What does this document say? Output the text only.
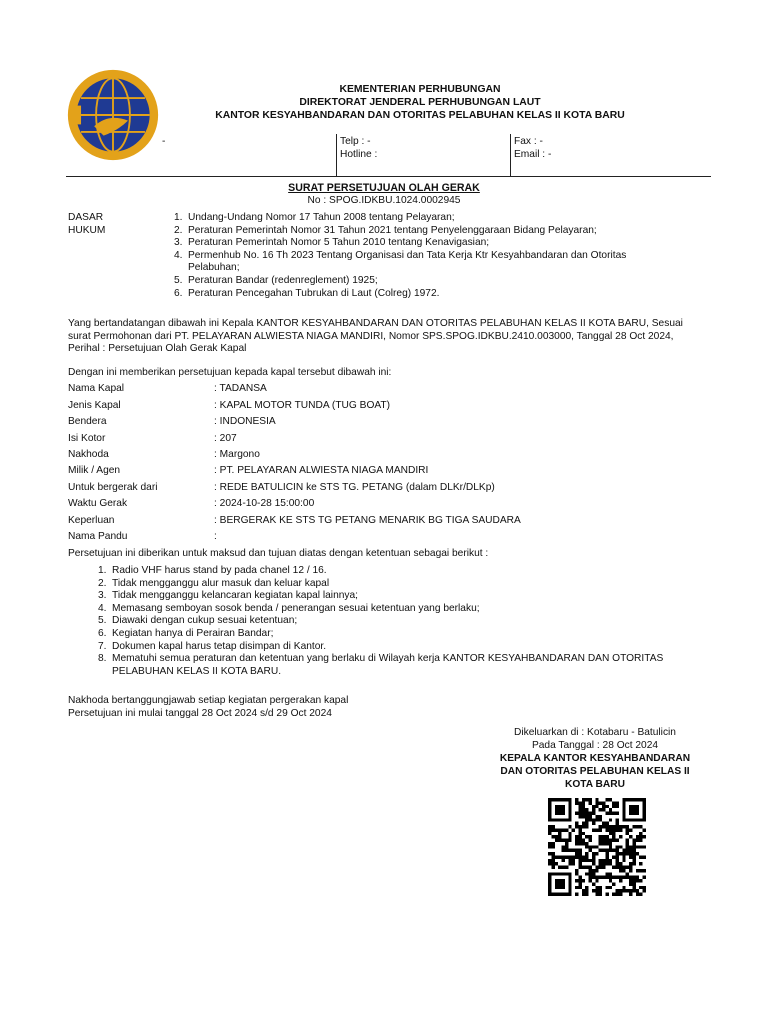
KEMENTERIAN PERHUBUNGAN
DIREKTORAT JENDERAL PERHUBUNGAN LAUT
KANTOR KESYAHBANDARAN DAN OTORITAS PELABUHAN KELAS II KOTA BARU
-	Telp : -
Hotline :
Fax : -
Email : -
SURAT PERSETUJUAN OLAH GERAK
No : SPOG.IDKBU.1024.0002945
DASAR
HUKUM
1. Undang-Undang Nomor 17 Tahun 2008 tentang Pelayaran;
2. Peraturan Pemerintah Nomor 31 Tahun 2021 tentang Penyelenggaraan Bidang Pelayaran;
3. Peraturan Pemerintah Nomor 5 Tahun 2010 tentang Kenavigasian;
4. Permenhub No. 16 Th 2023 Tentang Organisasi dan Tata Kerja Ktr Kesyahbandaran dan Otoritas Pelabuhan;
5. Peraturan Bandar (redenreglement) 1925;
6. Peraturan Pencegahan Tubrukan di Laut (Colreg) 1972.
Yang bertandatangan dibawah ini Kepala KANTOR KESYAHBANDARAN DAN OTORITAS PELABUHAN KELAS II KOTA BARU, Sesuai surat Permohonan dari PT. PELAYARAN ALWIESTA NIAGA MANDIRI, Nomor SPS.SPOG.IDKBU.2410.003000, Tanggal 28 Oct 2024, Perihal : Persetujuan Olah Gerak Kapal
Dengan ini memberikan persetujuan kepada kapal tersebut dibawah ini:
Nama Kapal	: TADANSA
Jenis Kapal	: KAPAL MOTOR TUNDA (TUG BOAT)
Bendera	: INDONESIA
Isi Kotor	: 207
Nakhoda	: Margono
Milik / Agen	: PT. PELAYARAN ALWIESTA NIAGA MANDIRI
Untuk bergerak dari	: REDE BATULICIN ke STS TG. PETANG (dalam DLKr/DLKp)
Waktu Gerak	: 2024-10-28 15:00:00
Keperluan	: BERGERAK KE STS TG PETANG MENARIK BG TIGA SAUDARA
Nama Pandu	:
Persetujuan ini diberikan untuk maksud dan tujuan diatas dengan ketentuan sebagai berikut :
1. Radio VHF harus stand by pada chanel 12 / 16.
2. Tidak mengganggu alur masuk dan keluar kapal
3. Tidak mengganggu kelancaran kegiatan kapal lainnya;
4. Memasang semboyan sosok benda / penerangan sesuai ketentuan yang berlaku;
5. Diawaki dengan cukup sesuai ketentuan;
6. Kegiatan hanya di Perairan Bandar;
7. Dokumen kapal harus tetap disimpan di Kantor.
8. Mematuhi semua peraturan dan ketentuan yang berlaku di Wilayah kerja KANTOR KESYAHBANDARAN DAN OTORITAS PELABUHAN KELAS II KOTA BARU.
Nakhoda bertanggungjawab setiap kegiatan pergerakan kapal
Persetujuan ini mulai tanggal 28 Oct 2024 s/d 29 Oct 2024
Dikeluarkan di : Kotabaru - Batulicin
Pada Tanggal : 28 Oct 2024
KEPALA KANTOR KESYAHBANDARAN
DAN OTORITAS PELABUHAN KELAS II
KOTA BARU
